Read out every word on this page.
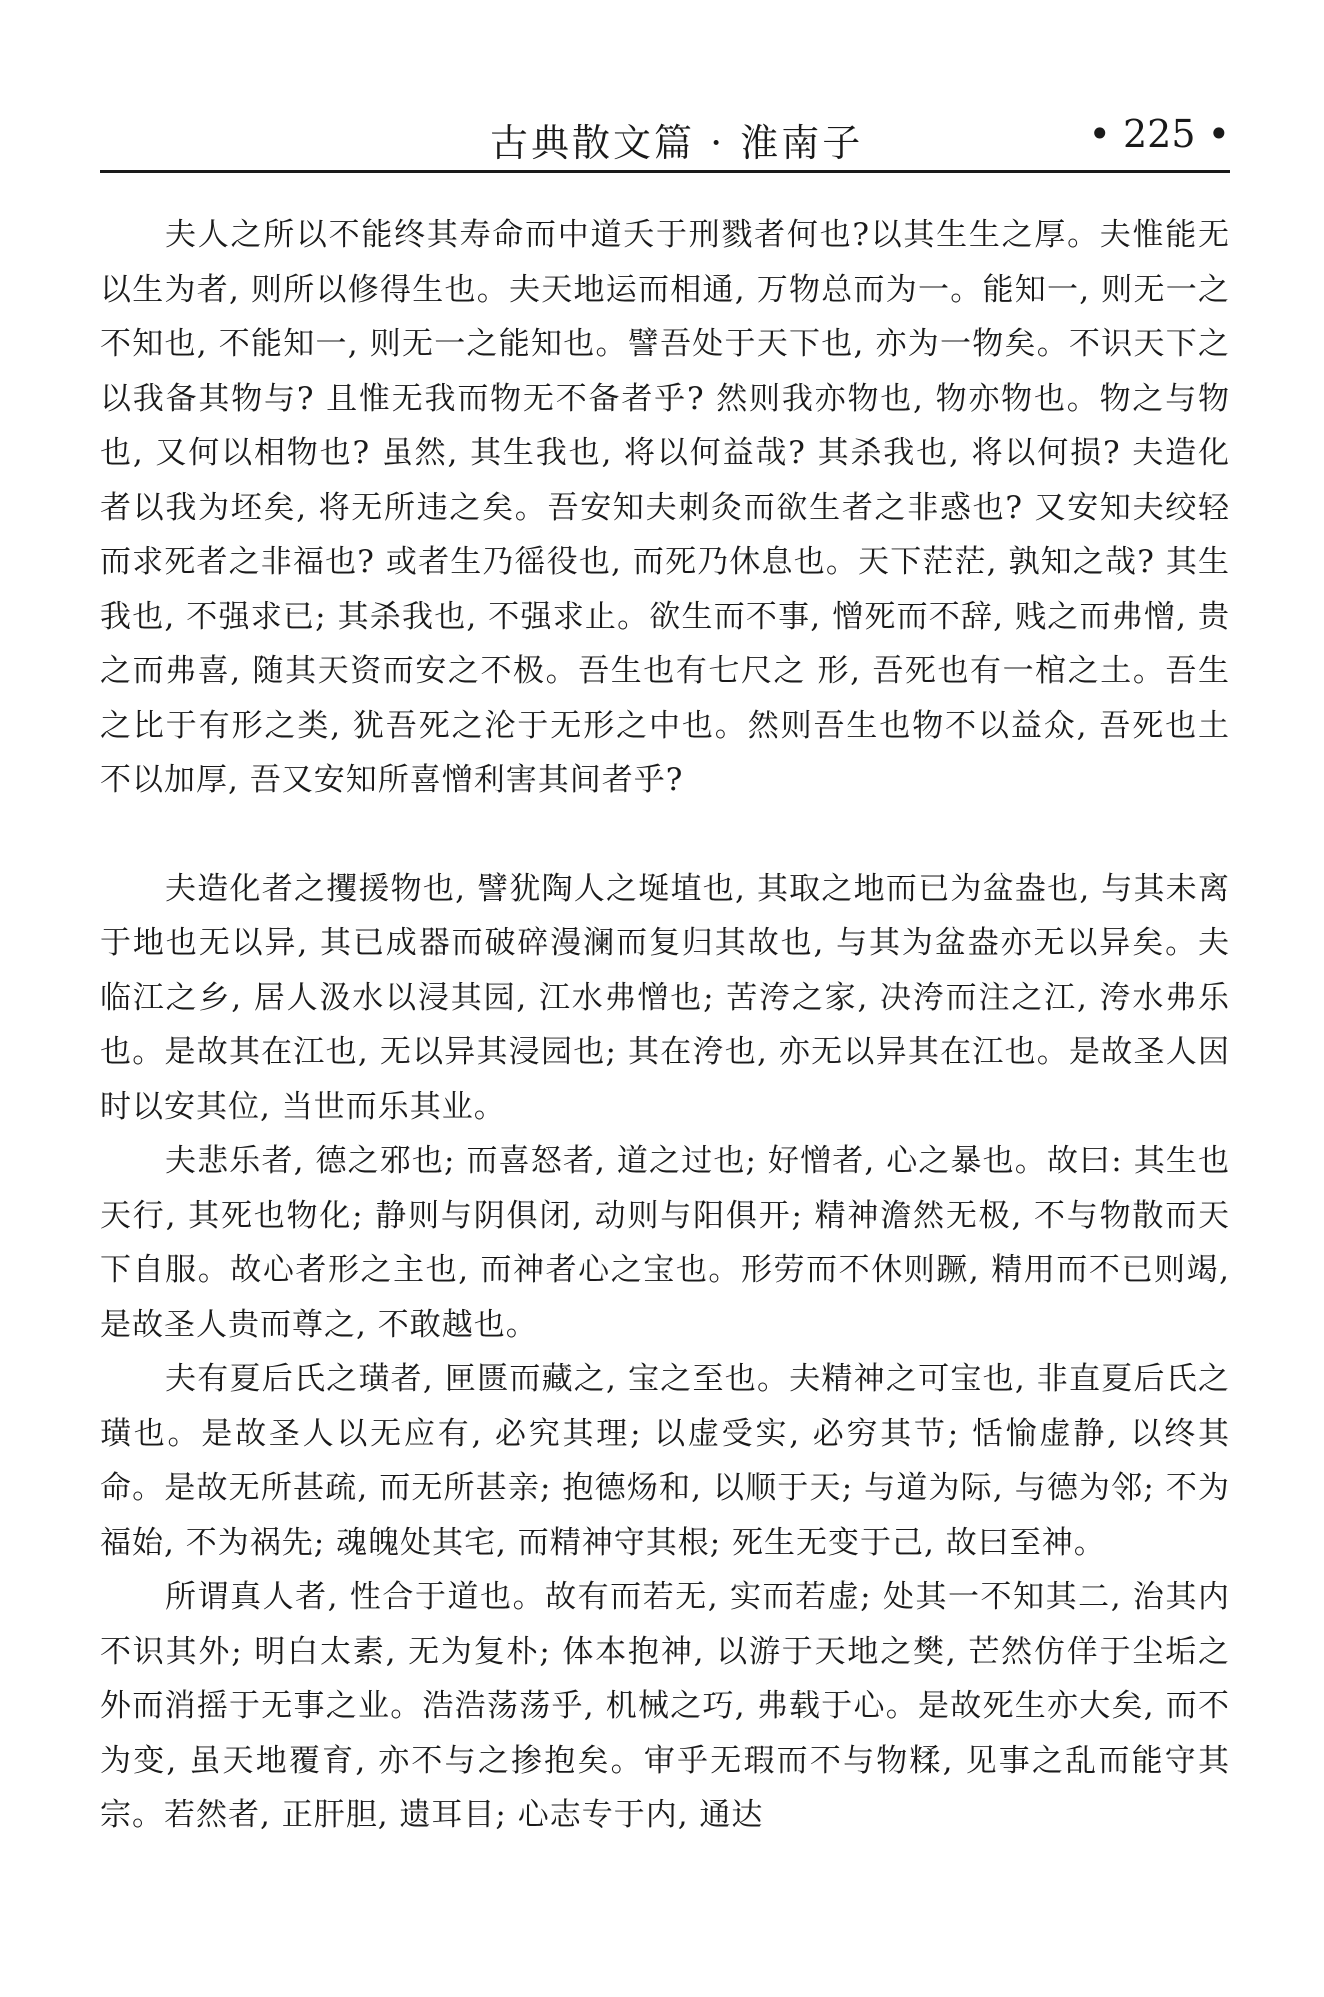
古典散文篇 · 淮南子	• 225 •

夫人之所以不能终其寿命而中道夭于刑戮者何也?以其生生之厚。夫惟能无以生为者, 则所以修得生也。夫天地运而相通, 万物总而为一。能知一, 则无一之不知也, 不能知一, 则无一之能知也。譬吾处于天下也, 亦为一物矣。不识天下之以我备其物与? 且惟无我而物无不备者乎? 然则我亦物也, 物亦物也。物之与物也, 又何以相物也? 虽然, 其生我也, 将以何益哉? 其杀我也, 将以何损? 夫造化者以我为坯矣, 将无所违之矣。吾安知夫刺灸而欲生者之非惑也? 又安知夫绞轻而求死者之非福也? 或者生乃徭役也, 而死乃休息也。天下茫茫, 孰知之哉? 其生我也, 不强求已; 其杀我也, 不强求止。欲生而不事, 憎死而不辞, 贱之而弗憎, 贵之而弗喜, 随其天资而安之不极。吾生也有七尺之 形, 吾死也有一棺之土。吾生之比于有形之类, 犹吾死之沦于无形之中也。然则吾生也物不以益众, 吾死也土不以加厚, 吾又安知所喜憎利害其间者乎?

夫造化者之攫援物也, 譬犹陶人之埏埴也, 其取之地而已为盆盎也, 与其未离于地也无以异, 其已成器而破碎漫澜而复归其故也, 与其为盆盎亦无以异矣。夫临江之乡, 居人汲水以浸其园, 江水弗憎也; 苦洿之家, 决洿而注之江, 洿水弗乐也。是故其在江也, 无以异其浸园也; 其在洿也, 亦无以异其在江也。是故圣人因时以安其位, 当世而乐其业。

夫悲乐者, 德之邪也; 而喜怒者, 道之过也; 好憎者, 心之暴也。故曰: 其生也天行, 其死也物化; 静则与阴俱闭, 动则与阳俱开; 精神澹然无极, 不与物散而天下自服。故心者形之主也, 而神者心之宝也。形劳而不休则蹶, 精用而不已则竭, 是故圣人贵而尊之, 不敢越也。

夫有夏后氏之璜者, 匣匮而藏之, 宝之至也。夫精神之可宝也, 非直夏后氏之璜也。是故圣人以无应有, 必究其理; 以虚受实, 必穷其节; 恬愉虚静, 以终其命。是故无所甚疏, 而无所甚亲; 抱德炀和, 以顺于天; 与道为际, 与德为邻; 不为福始, 不为祸先; 魂魄处其宅, 而精神守其根; 死生无变于己, 故曰至神。

所谓真人者, 性合于道也。故有而若无, 实而若虚; 处其一不知其二, 治其内不识其外; 明白太素, 无为复朴; 体本抱神, 以游于天地之樊, 芒然仿佯于尘垢之外而消摇于无事之业。浩浩荡荡乎, 机械之巧, 弗载于心。是故死生亦大矣, 而不为变, 虽天地覆育, 亦不与之掺抱矣。审乎无瑕而不与物糅, 见事之乱而能守其宗。若然者, 正肝胆, 遗耳目; 心志专于内, 通达
